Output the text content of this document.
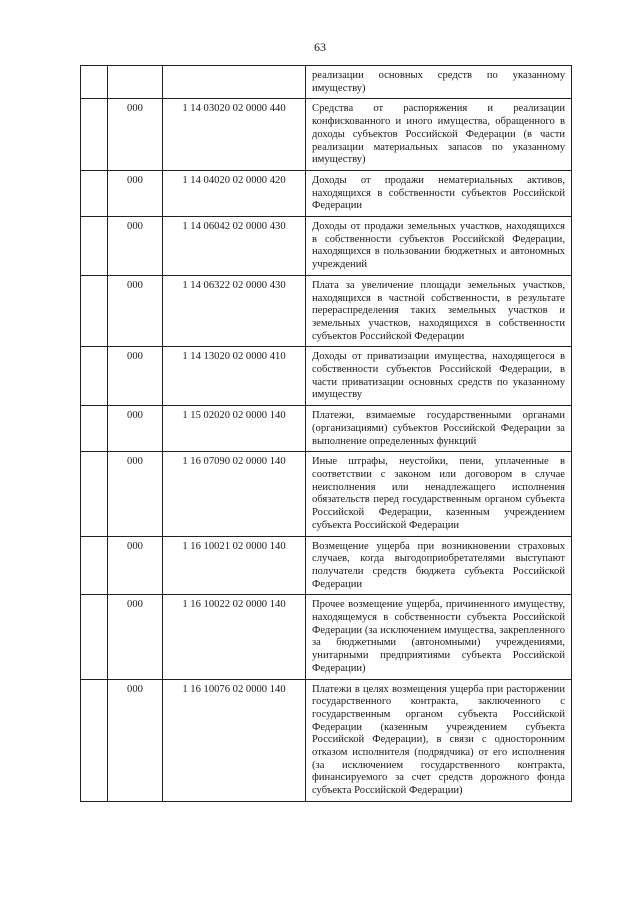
63
			реализации основных средств по указанному имуществу)
	000	1 14 03020 02 0000 440	Средства от распоряжения и реализации конфискованного и иного имущества, обращенного в доходы субъектов Российской Федерации (в части реализации материальных запасов по указанному имуществу)
	000	1 14 04020 02 0000 420	Доходы от продажи нематериальных активов, находящихся в собственности субъектов Российской Федерации
	000	1 14 06042 02 0000 430	Доходы от продажи земельных участков, находящихся в собственности субъектов Российской Федерации, находящихся в пользовании бюджетных и автономных учреждений
	000	1 14 06322 02 0000 430	Плата за увеличение площади земельных участков, находящихся в частной собственности, в результате перераспределения таких земельных участков и земельных участков, находящихся в собственности субъектов Российской Федерации
	000	1 14 13020 02 0000 410	Доходы от приватизации имущества, находящегося в собственности субъектов Российской Федерации, в части приватизации основных средств по указанному имуществу
	000	1 15 02020 02 0000 140	Платежи, взимаемые государственными органами (организациями) субъектов Российской Федерации за выполнение определенных функций
	000	1 16 07090 02 0000 140	Иные штрафы, неустойки, пени, уплаченные в соответствии с законом или договором в случае неисполнения или ненадлежащего исполнения обязательств перед государственным органом субъекта Российской Федерации, казенным учреждением субъекта Российской Федерации
	000	1 16 10021 02 0000 140	Возмещение ущерба при возникновении страховых случаев, когда выгодоприобретателями выступают получатели средств бюджета субъекта Российской Федерации
	000	1 16 10022 02 0000 140	Прочее возмещение ущерба, причиненного имуществу, находящемуся в собственности субъекта Российской Федерации (за исключением имущества, закрепленного за бюджетными (автономными) учреждениями, унитарными предприятиями субъекта Российской Федерации)
	000	1 16 10076 02 0000 140	Платежи в целях возмещения ущерба при расторжении государственного контракта, заключенного с государственным органом субъекта Российской Федерации (казенным учреждением субъекта Российской Федерации), в связи с односторонним отказом исполнителя (подрядчика) от его исполнения (за исключением государственного контракта, финансируемого за счет средств дорожного фонда субъекта Российской Федерации)
